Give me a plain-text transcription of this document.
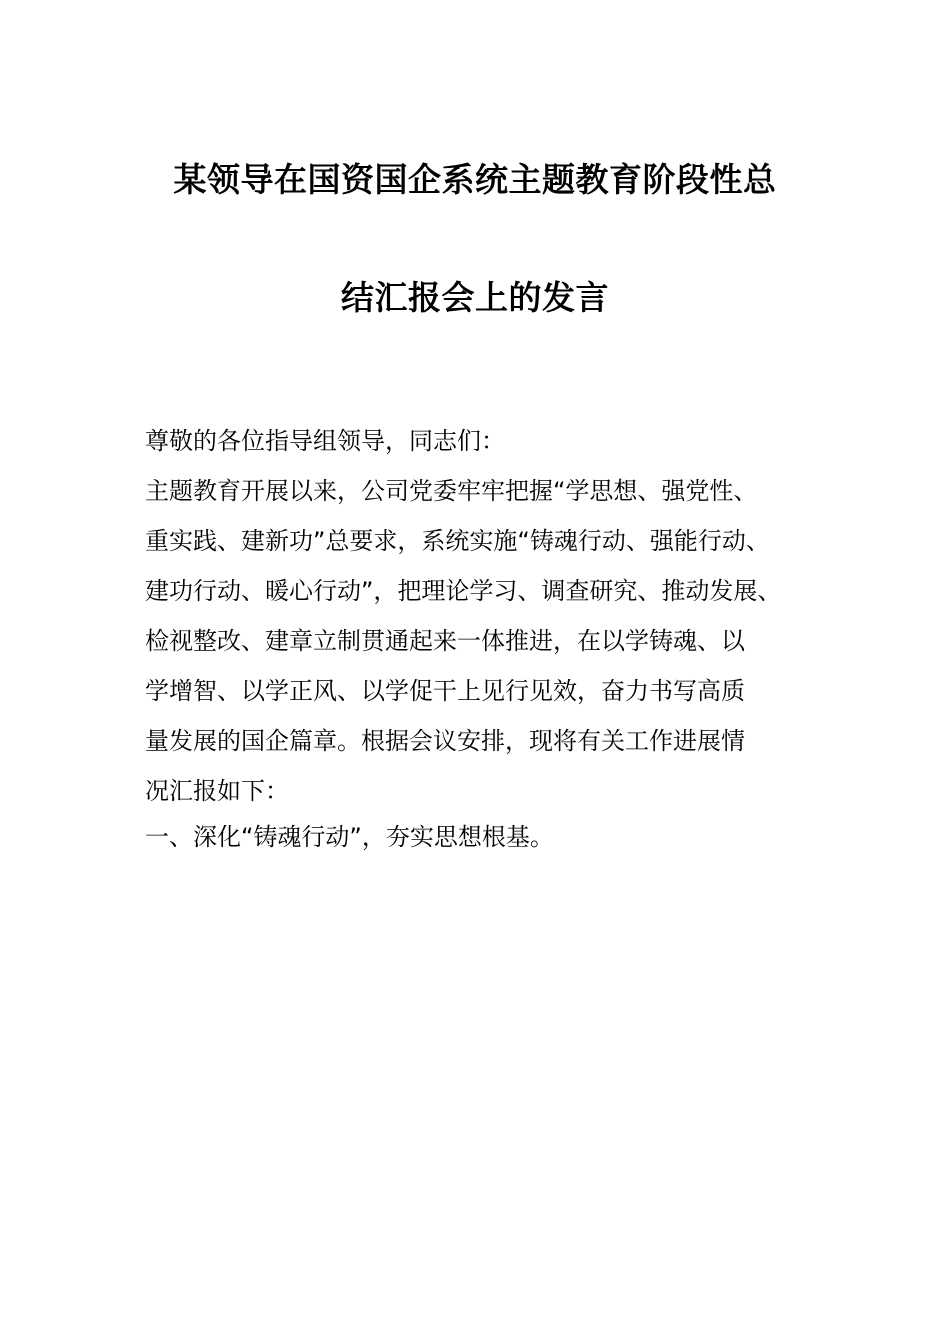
某领导在国资国企系统主题教育阶段性总
结汇报会上的发言
尊敬的各位指导组领导，同志们：
主题教育开展以来，公司党委牢牢把握“学思想、强党性、
重实践、建新功”总要求，系统实施“铸魂行动、强能行动、
建功行动、暖心行动”，把理论学习、调查研究、推动发展、
检视整改、建章立制贯通起来一体推进，在以学铸魂、以
学增智、以学正风、以学促干上见行见效，奋力书写高质
量发展的国企篇章。根据会议安排，现将有关工作进展情
况汇报如下：
一、深化“铸魂行动”，夯实思想根基。
